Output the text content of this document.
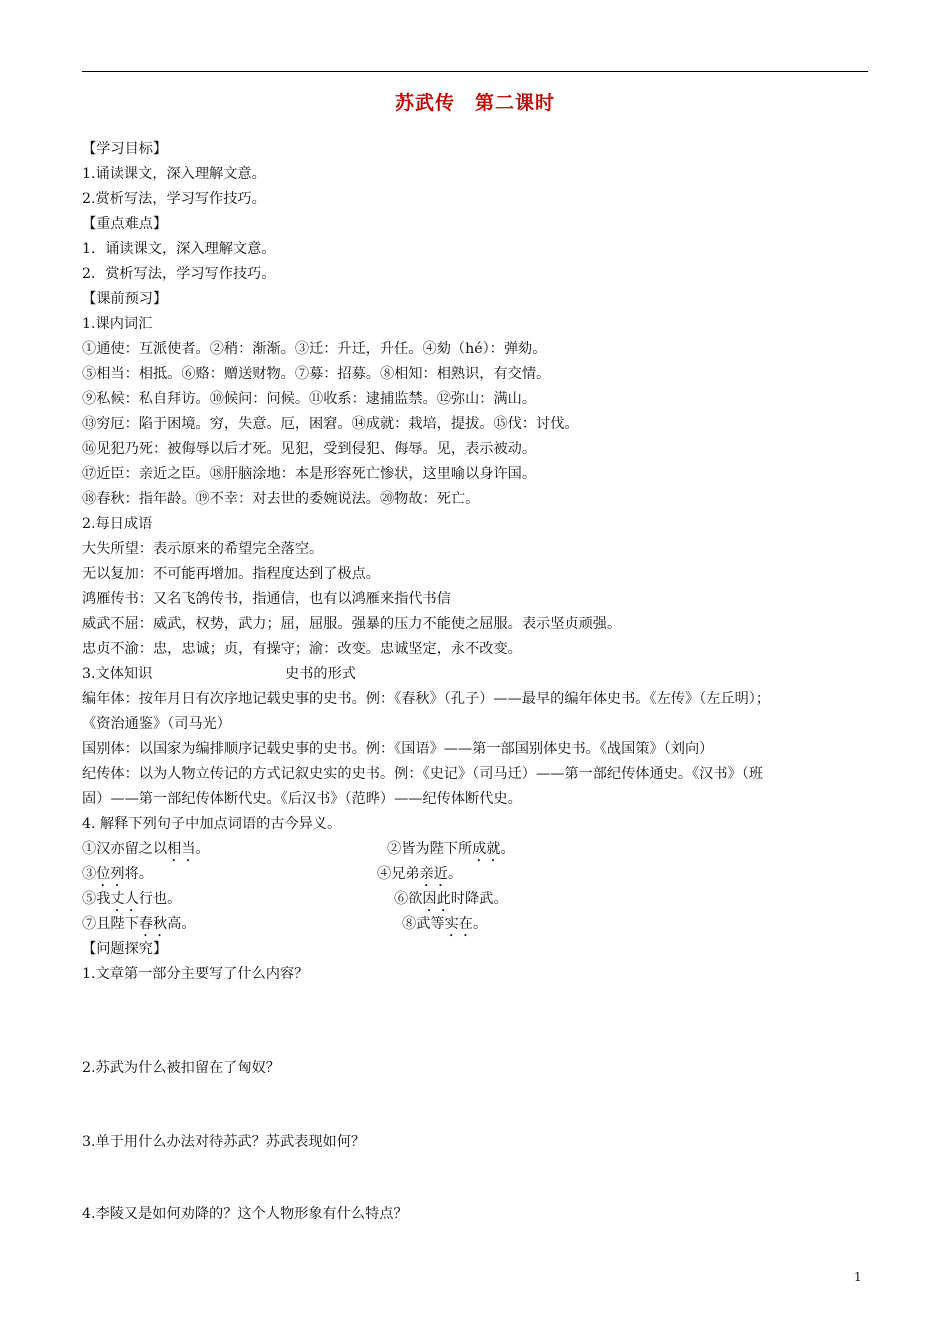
苏武传　第二课时
【学习目标】
1.诵读课文，深入理解文意。
2.赏析写法，学习写作技巧。
【重点难点】
1．诵读课文，深入理解文意。
2．赏析写法，学习写作技巧。
【课前预习】
1.课内词汇
①通使：互派使者。②稍：渐渐。③迁：升迁，升任。④劾（hé）：弹劾。
⑤相当：相抵。⑥赂：赠送财物。⑦募：招募。⑧相知：相熟识，有交情。
⑨私候：私自拜访。⑩候问：问候。⑪收系：逮捕监禁。⑫弥山：满山。
⑬穷厄：陷于困境。穷，失意。厄，困窘。⑭成就：栽培，提拔。⑮伐：讨伐。
⑯见犯乃死：被侮辱以后才死。见犯，受到侵犯、侮辱。见，表示被动。
⑰近臣：亲近之臣。⑱肝脑涂地：本是形容死亡惨状，这里喻以身许国。
⑱春秋：指年龄。⑲不幸：对去世的委婉说法。⑳物故：死亡。
2.每日成语
大失所望：表示原来的希望完全落空。
无以复加：不可能再增加。指程度达到了极点。
鸿雁传书：又名飞鸽传书，指通信，也有以鸿雁来指代书信
威武不屈：威武，权势，武力；屈，屈服。强暴的压力不能使之屈服。表示坚贞顽强。
忠贞不渝：忠，忠诚；贞，有操守；渝：改变。忠诚坚定，永不改变。
3.文体知识	史书的形式
编年体：按年月日有次序地记载史事的史书。例：《春秋》（孔子）——最早的编年体史书。《左传》（左丘明）；
《资治通鉴》（司马光）
国别体：以国家为编排顺序记载史事的史书。例：《国语》——第一部国别体史书。《战国策》（刘向）
纪传体：以为人物立传记的方式记叙史实的史书。例：《史记》（司马迁）——第一部纪传体通史。《汉书》（班
固）——第一部纪传体断代史。《后汉书》（范晔）——纪传体断代史。
4. 解释下列句子中加点词语的古今异义。
①汉亦留之以相当。	②皆为陛下所成就。
③位列将。	④兄弟亲近。
⑤我丈人行也。	⑥欲因此时降武。
⑦且陛下春秋高。	⑧武等实在。
【问题探究】
1.文章第一部分主要写了什么内容？
2.苏武为什么被扣留在了匈奴？
3.单于用什么办法对待苏武？苏武表现如何？
4.李陵又是如何劝降的？这个人物形象有什么特点？
1
